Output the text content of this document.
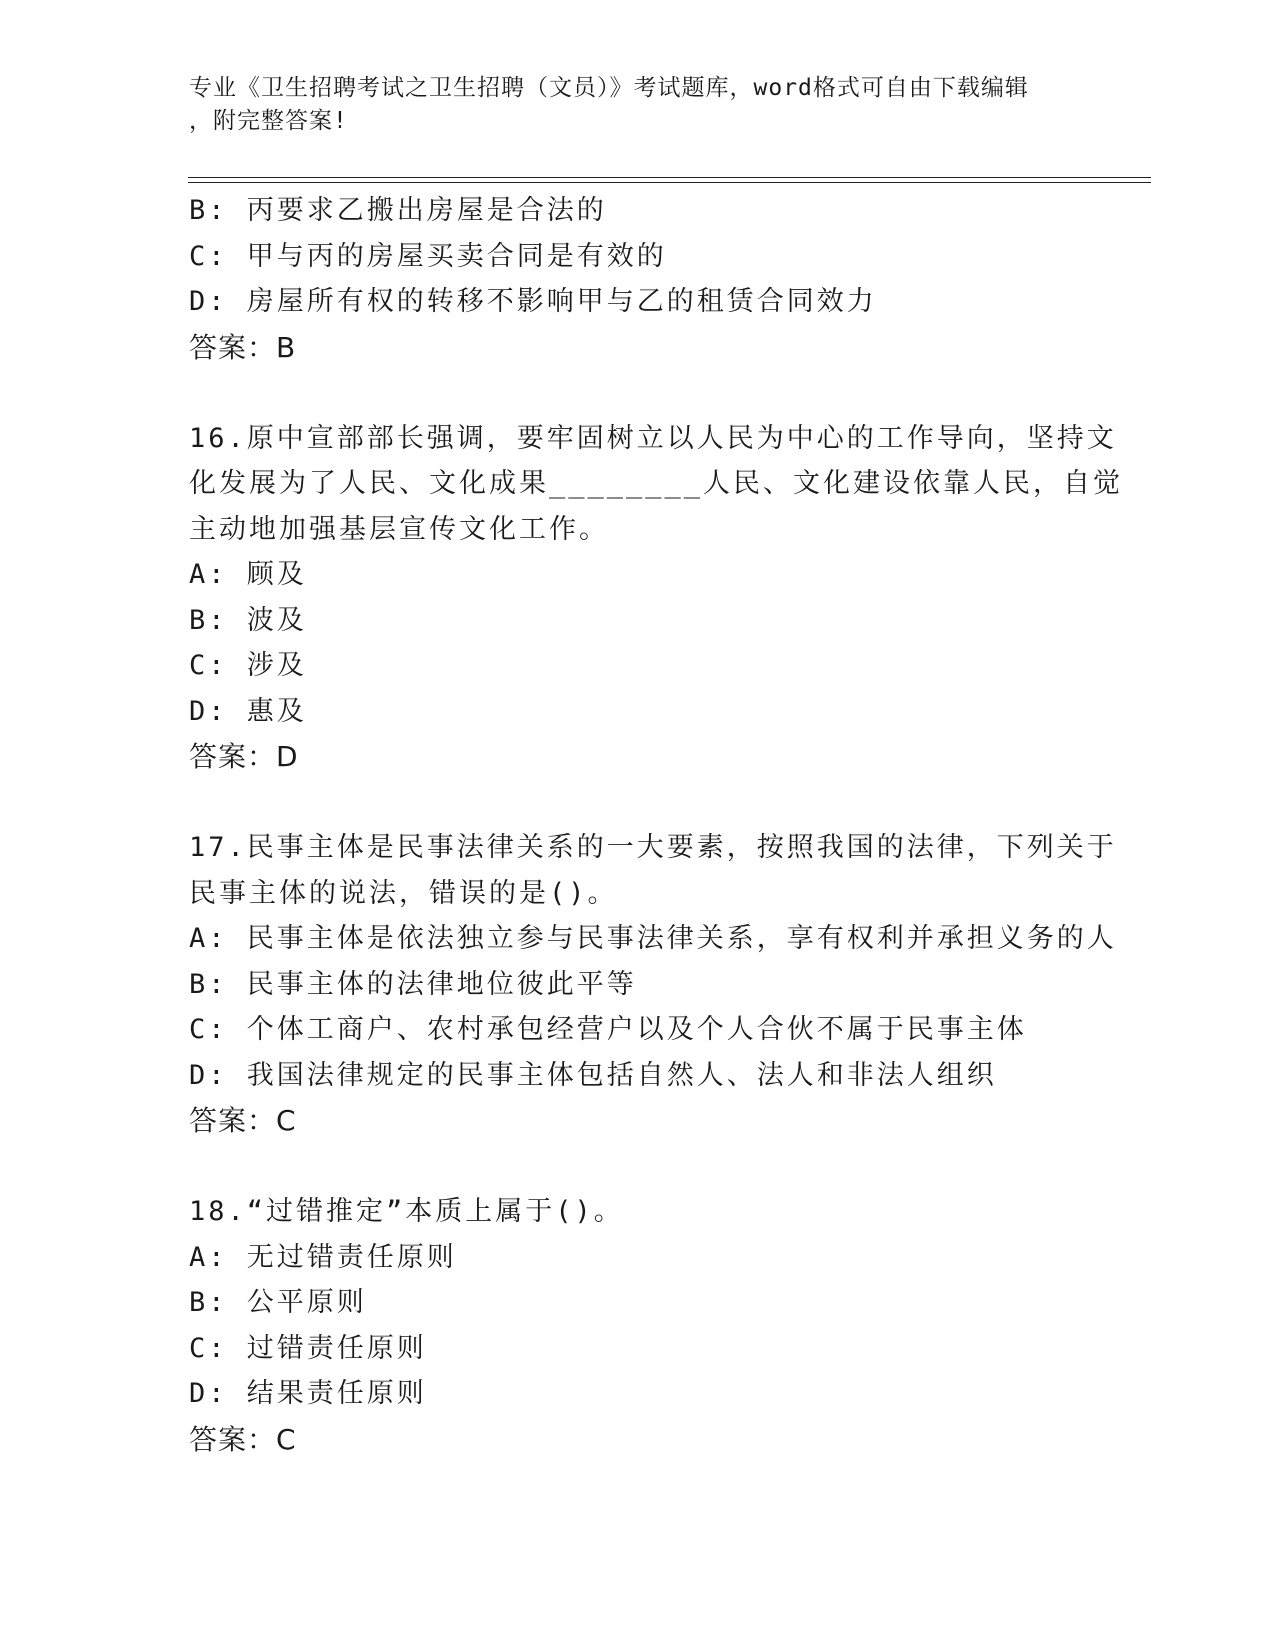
专业《卫生招聘考试之卫生招聘（文员）》考试题库，word格式可自由下载编辑
，附完整答案!
B: 丙要求乙搬出房屋是合法的
C: 甲与丙的房屋买卖合同是有效的
D: 房屋所有权的转移不影响甲与乙的租赁合同效力
答案：B
16.原中宣部部长强调，要牢固树立以人民为中心的工作导向，坚持文
化发展为了人民、文化成果________人民、文化建设依靠人民，自觉
主动地加强基层宣传文化工作。
A: 顾及
B: 波及
C: 涉及
D: 惠及
答案：D
17.民事主体是民事法律关系的一大要素，按照我国的法律，下列关于
民事主体的说法，错误的是()。
A: 民事主体是依法独立参与民事法律关系，享有权利并承担义务的人
B: 民事主体的法律地位彼此平等
C: 个体工商户、农村承包经营户以及个人合伙不属于民事主体
D: 我国法律规定的民事主体包括自然人、法人和非法人组织
答案：C
18.“过错推定”本质上属于()。
A: 无过错责任原则
B: 公平原则
C: 过错责任原则
D: 结果责任原则
答案：C
